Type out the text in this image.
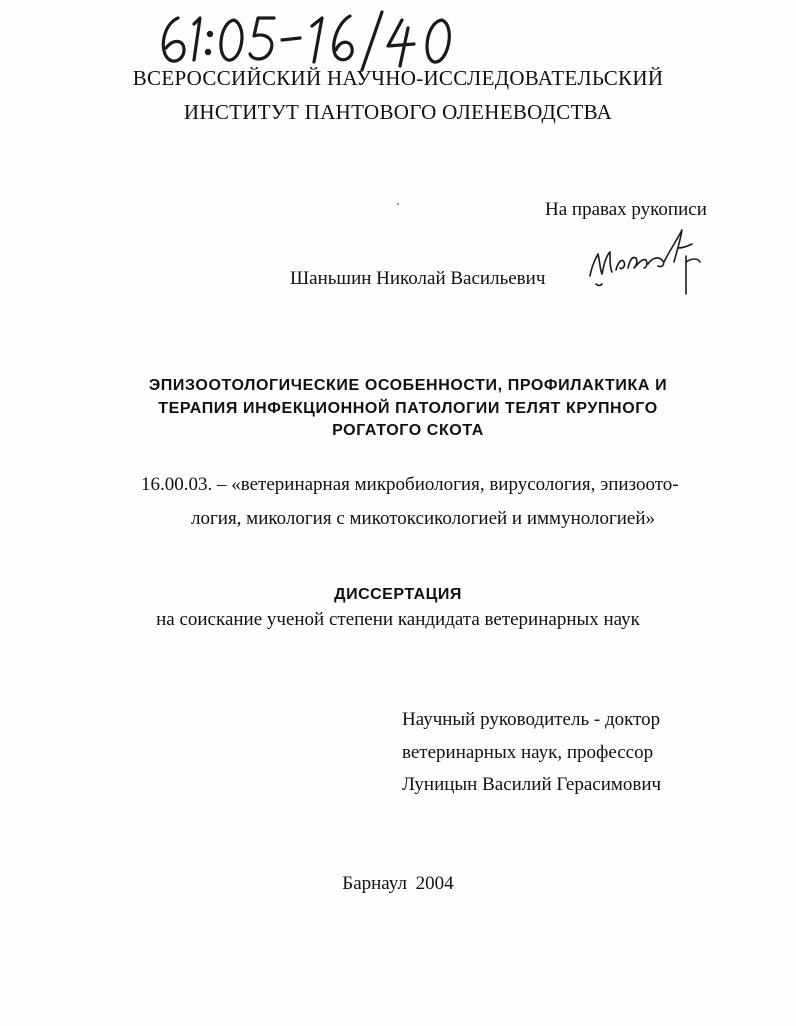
ВСЕРОССИЙСКИЙ НАУЧНО-ИССЛЕДОВАТЕЛЬСКИЙ
ИНСТИТУТ ПАНТОВОГО ОЛЕНЕВОДСТВА
На правах рукописи
Шаньшин Николай Васильевич
ЭПИЗООТОЛОГИЧЕСКИЕ ОСОБЕННОСТИ, ПРОФИЛАКТИКА И
ТЕРАПИЯ ИНФЕКЦИОННОЙ ПАТОЛОГИИ ТЕЛЯТ КРУПНОГО
РОГАТОГО СКОТА
16.00.03. – «ветеринарная микробиология, вирусология, эпизоото-
логия, микология с микотоксикологией и иммунологией»
ДИССЕРТАЦИЯ
на соискание ученой степени кандидата ветеринарных наук
Научный руководитель - доктор
ветеринарных наук, профессор
Луницын Василий Герасимович
Барнаул 2004
